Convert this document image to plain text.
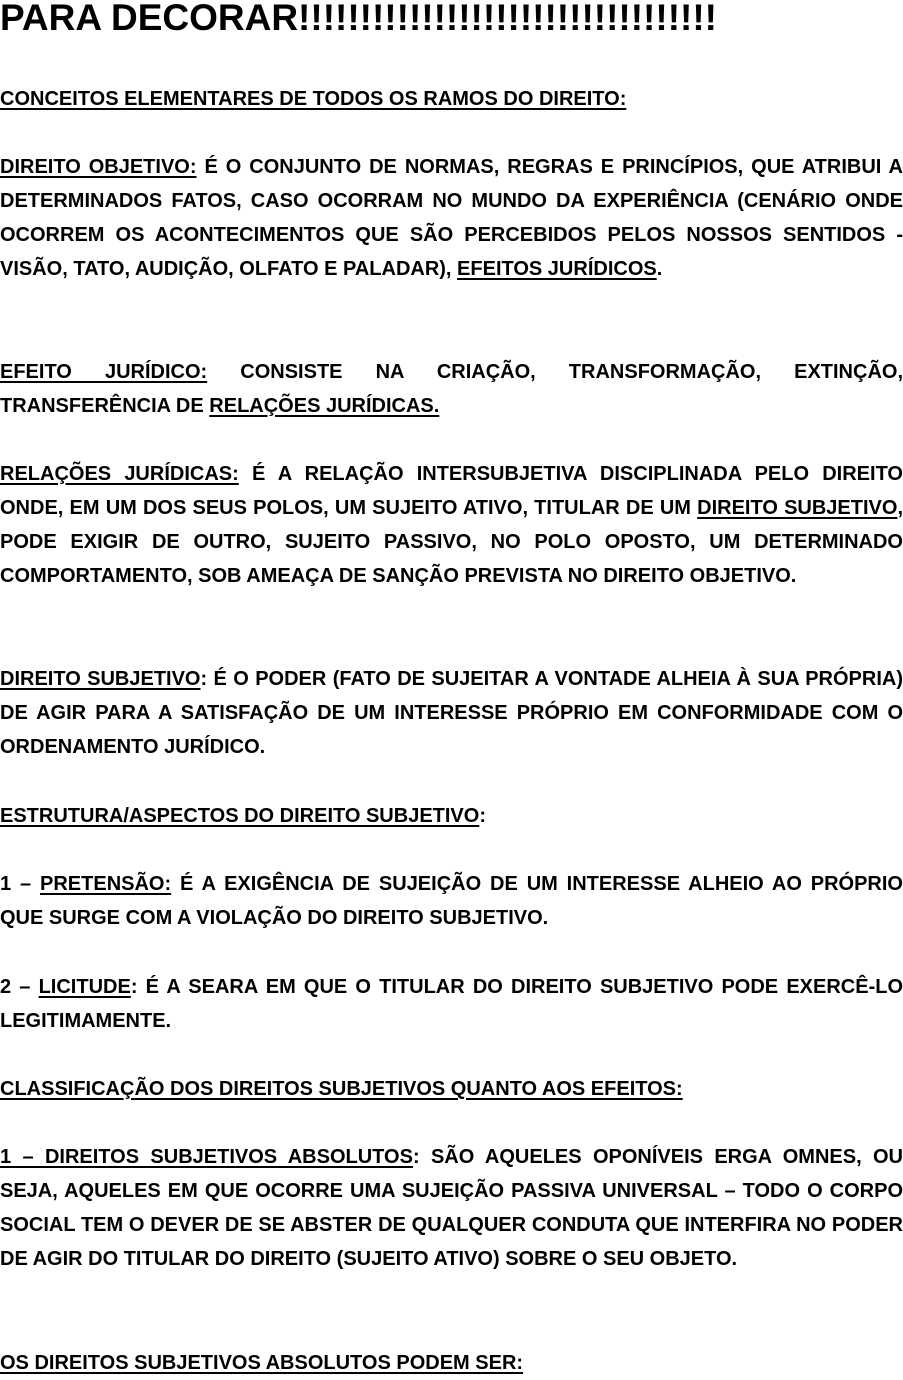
PARA DECORAR!!!!!!!!!!!!!!!!!!!!!!!!!!!!!!!!!!

CONCEITOS ELEMENTARES DE TODOS OS RAMOS DO DIREITO:

DIREITO OBJETIVO: É O CONJUNTO DE NORMAS, REGRAS E PRINCÍPIOS, QUE ATRIBUI A DETERMINADOS FATOS, CASO OCORRAM NO MUNDO DA EXPERIÊNCIA (CENÁRIO ONDE OCORREM OS ACONTECIMENTOS QUE SÃO PERCEBIDOS PELOS NOSSOS SENTIDOS - VISÃO, TATO, AUDIÇÃO, OLFATO E PALADAR), EFEITOS JURÍDICOS.

EFEITO JURÍDICO: CONSISTE NA CRIAÇÃO, TRANSFORMAÇÃO, EXTINÇÃO, TRANSFERÊNCIA DE RELAÇÕES JURÍDICAS.

RELAÇÕES JURÍDICAS: É A RELAÇÃO INTERSUBJETIVA DISCIPLINADA PELO DIREITO ONDE, EM UM DOS SEUS POLOS, UM SUJEITO ATIVO, TITULAR DE UM DIREITO SUBJETIVO, PODE EXIGIR DE OUTRO, SUJEITO PASSIVO, NO POLO OPOSTO, UM DETERMINADO COMPORTAMENTO, SOB AMEAÇA DE SANÇÃO PREVISTA NO DIREITO OBJETIVO.

DIREITO SUBJETIVO: É O PODER (FATO DE SUJEITAR A VONTADE ALHEIA À SUA PRÓPRIA) DE AGIR PARA A SATISFAÇÃO DE UM INTERESSE PRÓPRIO EM CONFORMIDADE COM O ORDENAMENTO JURÍDICO.

ESTRUTURA/ASPECTOS DO DIREITO SUBJETIVO:

1 – PRETENSÃO: É A EXIGÊNCIA DE SUJEIÇÃO DE UM INTERESSE ALHEIO AO PRÓPRIO QUE SURGE COM A VIOLAÇÃO DO DIREITO SUBJETIVO.

2 – LICITUDE: É A SEARA EM QUE O TITULAR DO DIREITO SUBJETIVO PODE EXERCÊ-LO LEGITIMAMENTE.

CLASSIFICAÇÃO DOS DIREITOS SUBJETIVOS QUANTO AOS EFEITOS:

1 – DIREITOS SUBJETIVOS ABSOLUTOS: SÃO AQUELES OPONÍVEIS ERGA OMNES, OU SEJA, AQUELES EM QUE OCORRE UMA SUJEIÇÃO PASSIVA UNIVERSAL – TODO O CORPO SOCIAL TEM O DEVER DE SE ABSTER DE QUALQUER CONDUTA QUE INTERFIRA NO PODER DE AGIR DO TITULAR DO DIREITO (SUJEITO ATIVO) SOBRE O SEU OBJETO.

OS DIREITOS SUBJETIVOS ABSOLUTOS PODEM SER:
